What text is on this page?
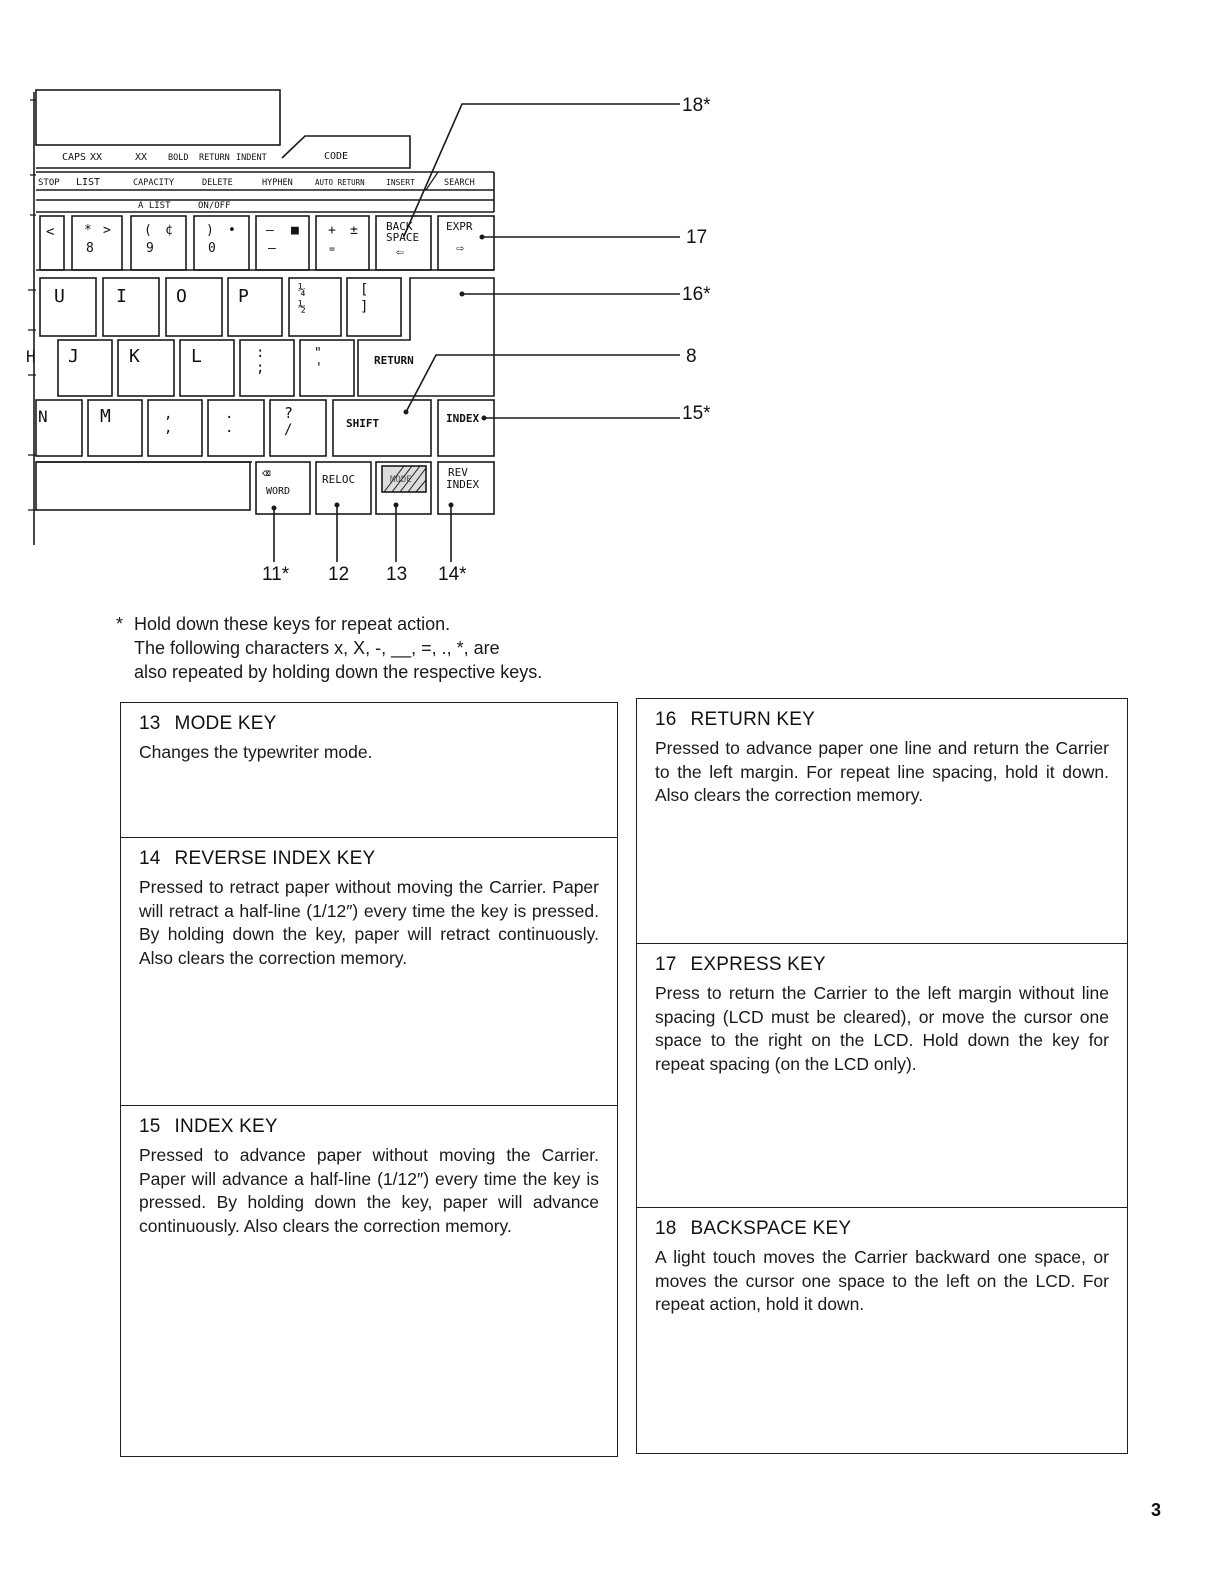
CAPS XX	XX BOLD RETURN INDENT	CODE
STOP LIST	CAPACITY	DELETE	HYPHEN	AUTO RETURN	INSERT	SEARCH
A LIST	ON/OFF
< * >
8
( ¢
9
) •
0
— ■
–
+ ±
=
BACK
SPACE
⇦
EXPR
⇨
U	I	O	P	¼
½
[
]
J	K	L	:
;
"
'
RETURN
M	,
,
.
.
?
/	SHIFT	INDEX
⌫
WORD
RELOC	MODE
REV
INDEX
N
H
18*
17
16*
8
15*
11* 12 13 14*
* Hold down these keys for repeat action.
The following characters x, X, -, __, =, ., *, are
also repeated by holding down the respective keys.
13 MODE KEY

Changes the typewriter mode.

14 REVERSE INDEX KEY

Pressed to retract paper without moving the Carrier. Paper will retract a half-line (1/12″) every time the key is pressed. By holding down the key, paper will retract continuously. Also clears the correction memory.

15 INDEX KEY

Pressed to advance paper without moving the Carrier. Paper will advance a half-line (1/12″) every time the key is pressed. By holding down the key, paper will advance continuously. Also clears the correction memory.

16 RETURN KEY

Pressed to advance paper one line and return the Carrier to the left margin. For repeat line spacing, hold it down. Also clears the correction memory.

17 EXPRESS KEY

Press to return the Carrier to the left margin without line spacing (LCD must be cleared), or move the cursor one space to the right on the LCD. Hold down the key for repeat spacing (on the LCD only).

18 BACKSPACE KEY

A light touch moves the Carrier backward one space, or moves the cursor one space to the left on the LCD. For repeat action, hold it down.

3
